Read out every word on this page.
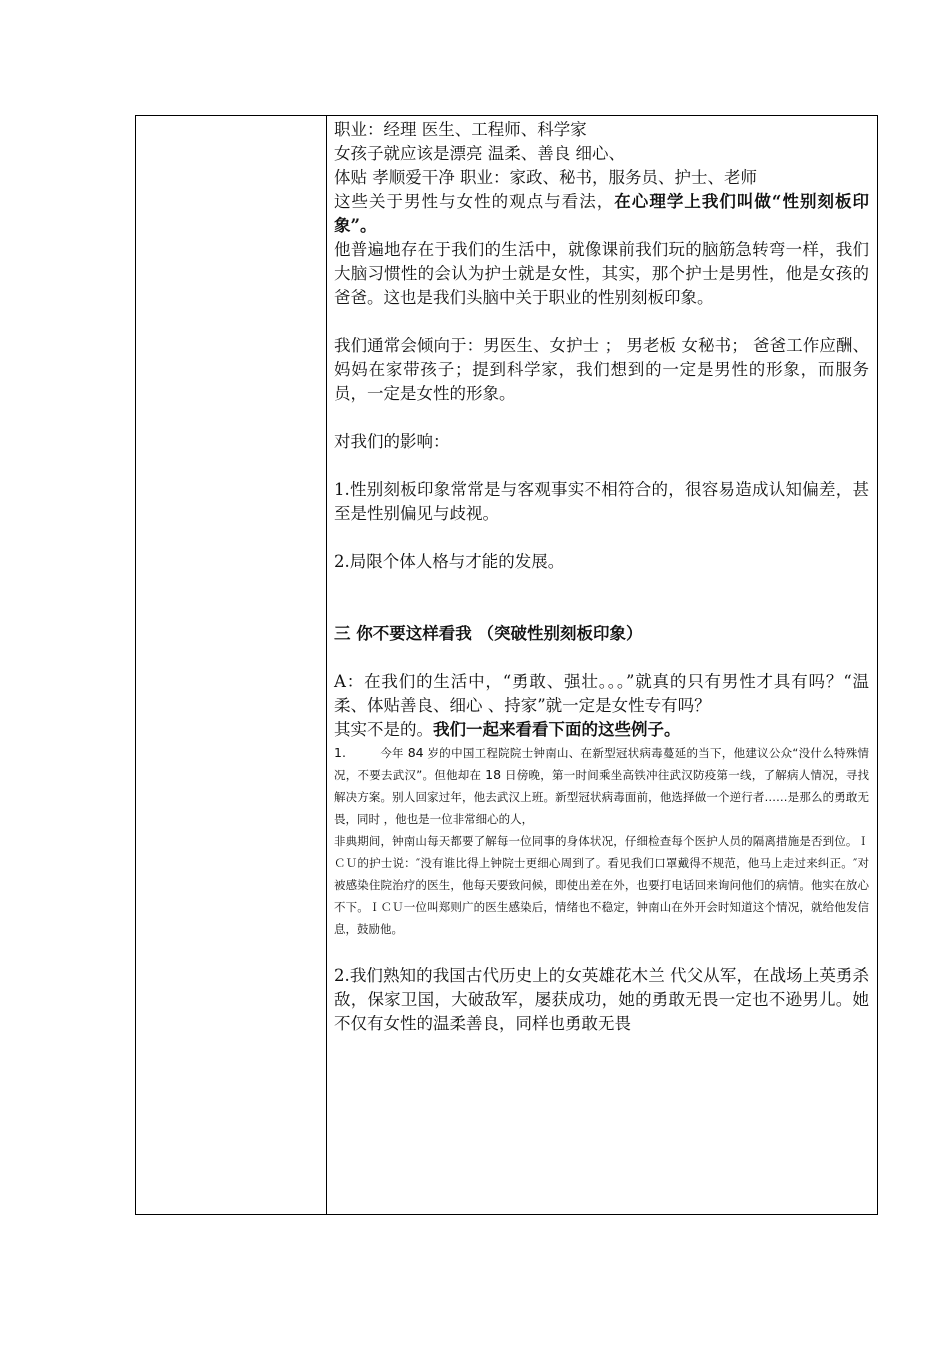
职业：经理 医生、工程师、科学家

女孩子就应该是漂亮 温柔、善良 细心、

体贴 孝顺爱干净 职业：家政、秘书，服务员、护士、老师

这些关于男性与女性的观点与看法，在心理学上我们叫做“性别刻板印象”。

他普遍地存在于我们的生活中，就像课前我们玩的脑筋急转弯一样，我们大脑习惯性的会认为护士就是女性，其实，那个护士是男性，他是女孩的爸爸。这也是我们头脑中关于职业的性别刻板印象。

我们通常会倾向于：男医生、女护士 ； 男老板 女秘书； 爸爸工作应酬、妈妈在家带孩子；提到科学家，我们想到的一定是男性的形象，而服务员，一定是女性的形象。

对我们的影响：

1.性别刻板印象常常是与客观事实不相符合的，很容易造成认知偏差，甚至是性别偏见与歧视。

2.局限个体人格与才能的发展。

三 你不要这样看我 （突破性别刻板印象）

A：在我们的生活中，“勇敢、强壮。。。”就真的只有男性才具有吗？“温柔、体贴善良、细心 、持家”就一定是女性专有吗？

其实不是的。我们一起来看看下面的这些例子。

1.	今年 84 岁的中国工程院院士钟南山、在新型冠状病毒蔓延的当下，他建议公众“没什么特殊情况，不要去武汉”。但他却在 18 日傍晚，第一时间乘坐高铁冲往武汉防疫第一线，了解病人情况，寻找解决方案。别人回家过年，他去武汉上班。新型冠状病毒面前，他选择做一个逆行者……是那么的勇敢无畏，同时 ，他也是一位非常细心的人，

非典期间，钟南山每天都要了解每一位同事的身体状况，仔细检查每个医护人员的隔离措施是否到位。ＩＣＵ的护士说：″没有谁比得上钟院士更细心周到了。看见我们口罩戴得不规范，他马上走过来纠正。″对被感染住院治疗的医生，他每天要致问候，即使出差在外，也要打电话回来询问他们的病情。他实在放心不下。ＩＣＵ一位叫郑则广的医生感染后，情绪也不稳定，钟南山在外开会时知道这个情况，就给他发信息，鼓励他。

2.我们熟知的我国古代历史上的女英雄花木兰 代父从军，在战场上英勇杀敌，保家卫国，大破敌军，屡获成功，她的勇敢无畏一定也不逊男儿。她不仅有女性的温柔善良，同样也勇敢无畏
